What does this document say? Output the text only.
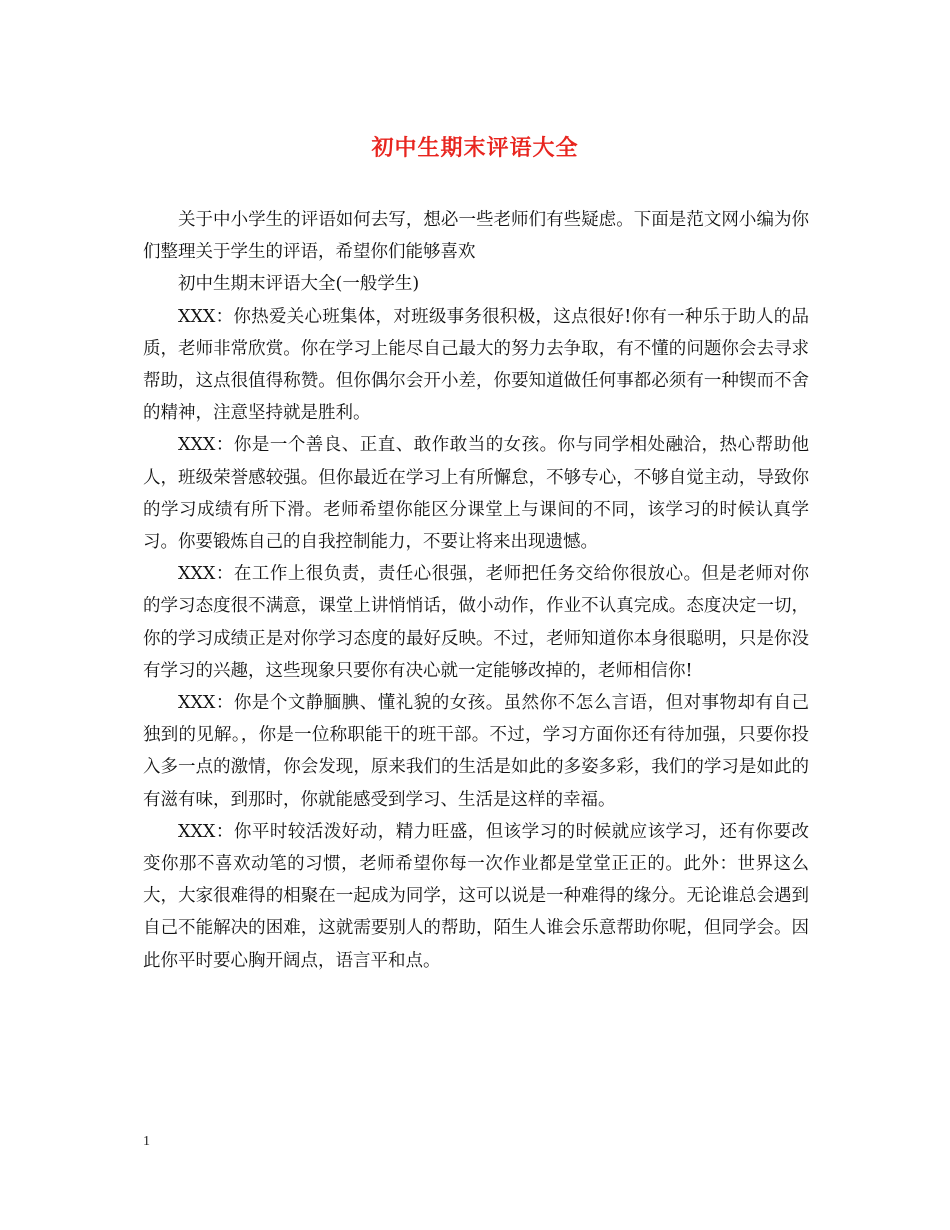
初中生期末评语大全

关于中小学生的评语如何去写，想必一些老师们有些疑虑。下面是范文网小编为你们整理关于学生的评语，希望你们能够喜欢

初中生期末评语大全(一般学生)

XXX：你热爱关心班集体，对班级事务很积极，这点很好!你有一种乐于助人的品质，老师非常欣赏。你在学习上能尽自己最大的努力去争取，有不懂的问题你会去寻求帮助，这点很值得称赞。但你偶尔会开小差，你要知道做任何事都必须有一种锲而不舍的精神，注意坚持就是胜利。

XXX：你是一个善良、正直、敢作敢当的女孩。你与同学相处融洽，热心帮助他人，班级荣誉感较强。但你最近在学习上有所懈怠，不够专心，不够自觉主动，导致你的学习成绩有所下滑。老师希望你能区分课堂上与课间的不同，该学习的时候认真学习。你要锻炼自己的自我控制能力，不要让将来出现遗憾。

XXX：在工作上很负责，责任心很强，老师把任务交给你很放心。但是老师对你的学习态度很不满意，课堂上讲悄悄话，做小动作，作业不认真完成。态度决定一切，你的学习成绩正是对你学习态度的最好反映。不过，老师知道你本身很聪明，只是你没有学习的兴趣，这些现象只要你有决心就一定能够改掉的，老师相信你!

XXX：你是个文静腼腆、懂礼貌的女孩。虽然你不怎么言语，但对事物却有自己独到的见解。，你是一位称职能干的班干部。不过，学习方面你还有待加强，只要你投入多一点的激情，你会发现，原来我们的生活是如此的多姿多彩，我们的学习是如此的有滋有味，到那时，你就能感受到学习、生活是这样的幸福。

XXX：你平时较活泼好动，精力旺盛，但该学习的时候就应该学习，还有你要改变你那不喜欢动笔的习惯，老师希望你每一次作业都是堂堂正正的。此外：世界这么大，大家很难得的相聚在一起成为同学，这可以说是一种难得的缘分。无论谁总会遇到自己不能解决的困难，这就需要别人的帮助，陌生人谁会乐意帮助你呢，但同学会。因此你平时要心胸开阔点，语言平和点。

1
